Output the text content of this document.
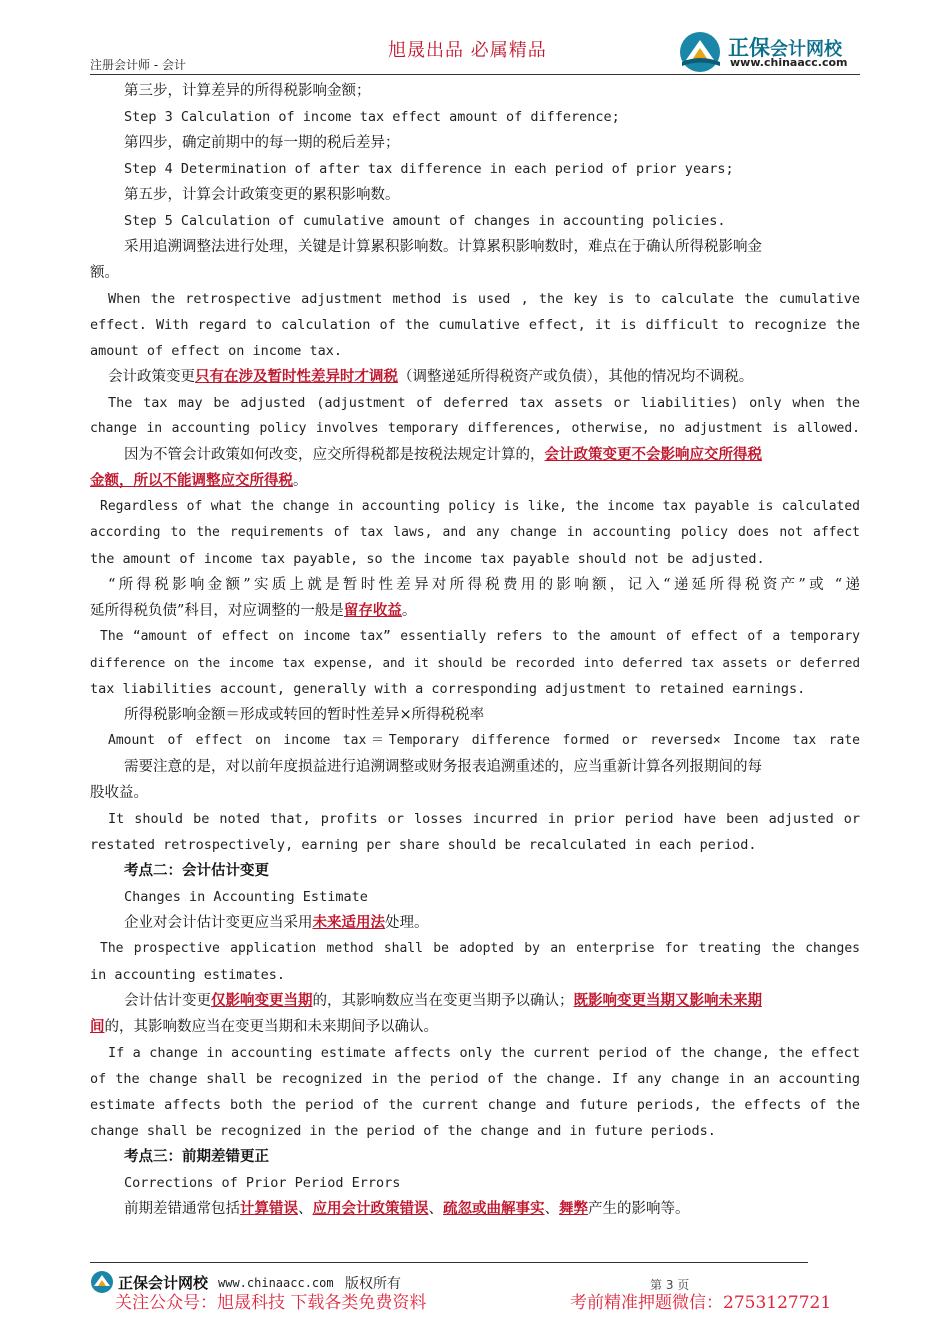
旭晟出品 必属精品
注册会计师 - 会计
正保会计网校
www.chinaacc.com
第三步，计算差异的所得税影响金额；
Step 3 Calculation of income tax effect amount of difference;
第四步，确定前期中的每一期的税后差异；
Step 4 Determination of after tax difference in each period of prior years;
第五步，计算会计政策变更的累积影响数。
Step 5 Calculation of cumulative amount of changes in accounting policies.
采用追溯调整法进行处理，关键是计算累积影响数。计算累积影响数时，难点在于确认所得税影响金
额。
When the retrospective adjustment method is used , the key is to calculate the cumulative
effect. With regard to calculation of the cumulative effect, it is difficult to recognize the
amount of effect on income tax.
会计政策变更只有在涉及暂时性差异时才调税（调整递延所得税资产或负债），其他的情况均不调税。
The tax may be adjusted (adjustment of deferred tax assets or liabilities) only when the
change in accounting policy involves temporary differences, otherwise, no adjustment is allowed.
因为不管会计政策如何改变，应交所得税都是按税法规定计算的，会计政策变更不会影响应交所得税
金额，所以不能调整应交所得税。
Regardless of what the change in accounting policy is like, the income tax payable is calculated
according to the requirements of tax laws, and any change in accounting policy does not affect
the amount of income tax payable, so the income tax payable should not be adjusted.
“所得税影响金额”实质上就是暂时性差异对所得税费用的影响额，记入“递延所得税资产”或 “递
延所得税负债”科目，对应调整的一般是留存收益。
The “amount of effect on income tax” essentially refers to the amount of effect of a temporary
difference on the income tax expense, and it should be recorded into deferred tax assets or deferred
tax liabilities account, generally with a corresponding adjustment to retained earnings.
所得税影响金额＝形成或转回的暂时性差异×所得税税率
Amount of effect on income tax＝Temporary difference formed or reversed× Income tax rate
需要注意的是，对以前年度损益进行追溯调整或财务报表追溯重述的，应当重新计算各列报期间的每
股收益。
It should be noted that, profits or losses incurred in prior period have been adjusted or
restated retrospectively, earning per share should be recalculated in each period.
考点二：会计估计变更
Changes in Accounting Estimate
企业对会计估计变更应当采用未来适用法处理。
The prospective application method shall be adopted by an enterprise for treating the changes
in accounting estimates.
会计估计变更仅影响变更当期的，其影响数应当在变更当期予以确认；既影响变更当期又影响未来期
间的，其影响数应当在变更当期和未来期间予以确认。
If a change in accounting estimate affects only the current period of the change, the effect
of the change shall be recognized in the period of the change. If any change in an accounting
estimate affects both the period of the current change and future periods, the effects of the
change shall be recognized in the period of the change and in future periods.
考点三：前期差错更正
Corrections of Prior Period Errors
前期差错通常包括计算错误、应用会计政策错误、疏忽或曲解事实、舞弊产生的影响等。
正保会计网校 www.chinaacc.com 版权所有	第 3 页
关注公众号：旭晟科技 下载各类免费资料	考前精准押题微信：2753127721
